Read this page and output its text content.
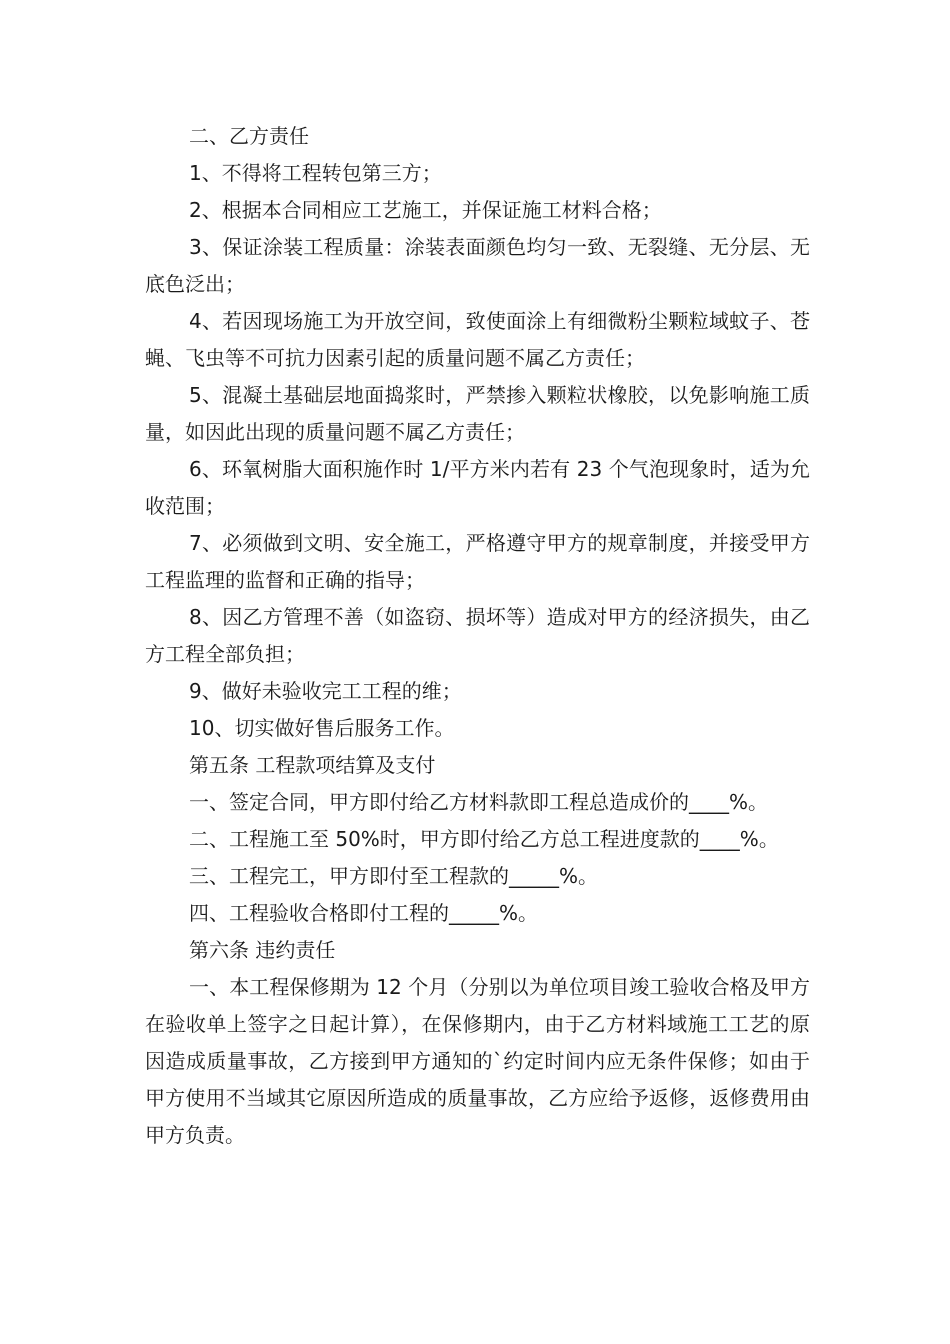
二、乙方责任

1、不得将工程转包第三方；

2、根据本合同相应工艺施工，并保证施工材料合格；

3、保证涂装工程质量：涂装表面颜色均匀一致、无裂缝、无分层、无底色泛出；

4、若因现场施工为开放空间，致使面涂上有细微粉尘颗粒域蚊子、苍蝇、飞虫等不可抗力因素引起的质量问题不属乙方责任；

5、混凝土基础层地面捣浆时，严禁掺入颗粒状橡胶，以免影响施工质量，如因此出现的质量问题不属乙方责任；

6、环氧树脂大面积施作时 1/平方米内若有 23 个气泡现象时，适为允收范围；

7、必须做到文明、安全施工，严格遵守甲方的规章制度，并接受甲方工程监理的监督和正确的指导；

8、因乙方管理不善（如盗窃、损坏等）造成对甲方的经济损失，由乙方工程全部负担；

9、做好未验收完工工程的维；

10、切实做好售后服务工作。

第五条 工程款项结算及支付

一、签定合同，甲方即付给乙方材料款即工程总造成价的____%。

二、工程施工至 50%时，甲方即付给乙方总工程进度款的____%。

三、工程完工，甲方即付至工程款的_____%。

四、工程验收合格即付工程的_____%。

第六条 违约责任

一、本工程保修期为 12 个月（分别以为单位项目竣工验收合格及甲方在验收单上签字之日起计算），在保修期内，由于乙方材料域施工工艺的原因造成质量事故，乙方接到甲方通知的`约定时间内应无条件保修；如由于甲方使用不当域其它原因所造成的质量事故，乙方应给予返修，返修费用由甲方负责。
